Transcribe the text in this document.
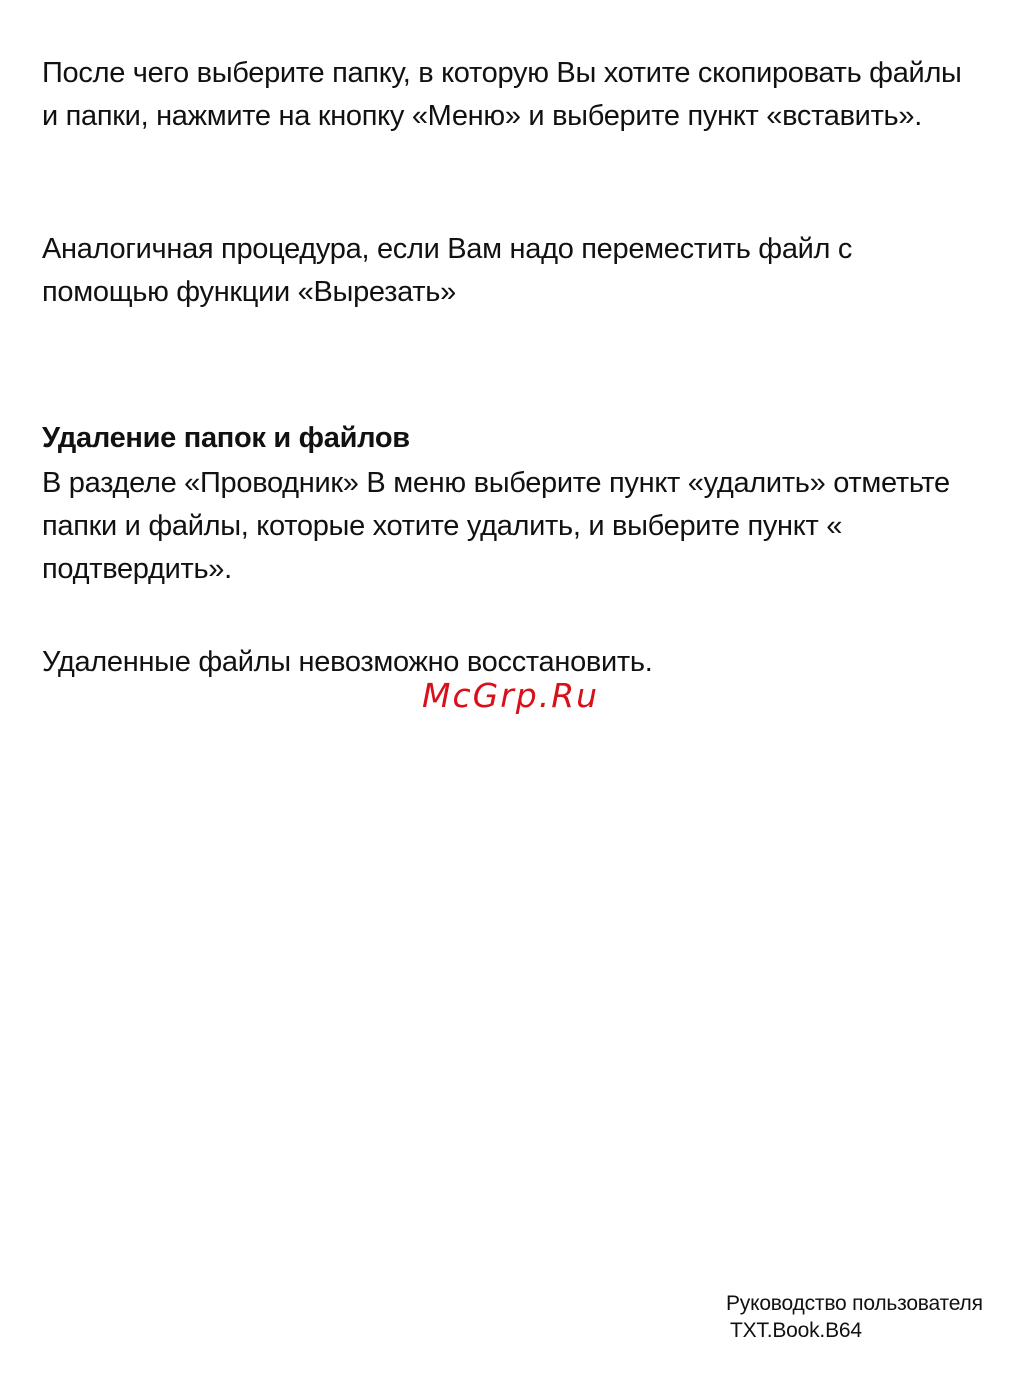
После чего выберите папку, в которую Вы хотите скопировать файлы и папки, нажмите на кнопку «Меню» и выберите пункт «вставить».

Аналогичная процедура, если Вам надо переместить файл с помощью функции «Вырезать»

Удаление папок и файлов

В разделе «Проводник» В меню выберите пункт «удалить» отметьте папки и файлы, которые хотите удалить, и выберите пункт « подтвердить».

Удаленные файлы невозможно восстановить.

McGrp.Ru
Руководство пользователя
TXT.Book.B64
